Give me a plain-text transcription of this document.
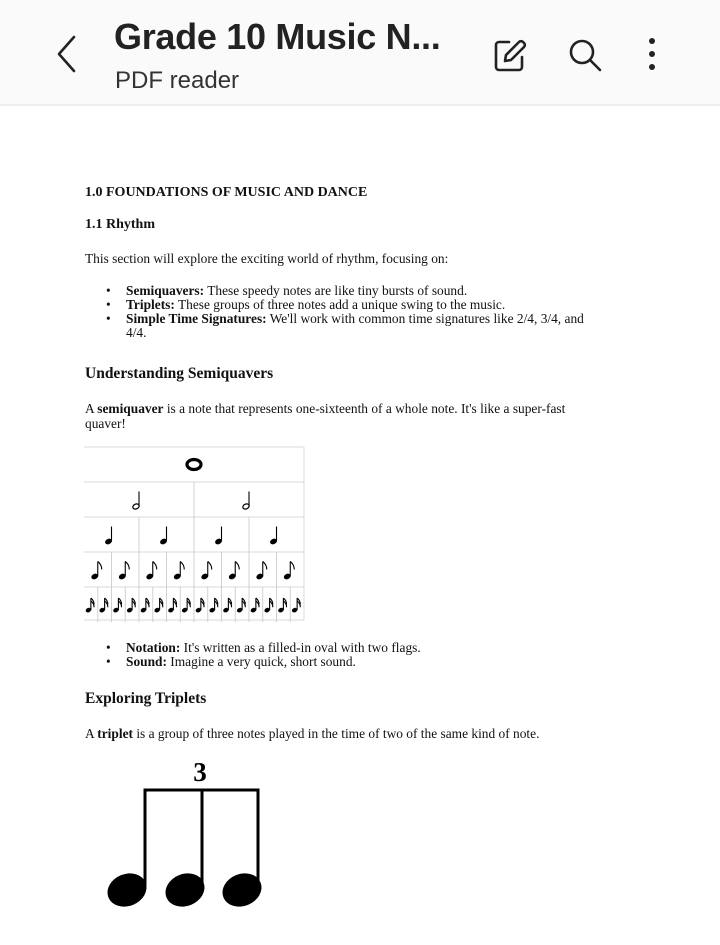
Grade 10 Music N...
PDF reader
1.0 FOUNDATIONS OF MUSIC AND DANCE
1.1 Rhythm
This section will explore the exciting world of rhythm, focusing on:
• Semiquavers: These speedy notes are like tiny bursts of sound.
• Triplets: These groups of three notes add a unique swing to the music.
• Simple Time Signatures: We'll work with common time signatures like 2/4, 3/4, and
4/4.
Understanding Semiquavers
A semiquaver is a note that represents one-sixteenth of a whole note. It's like a super-fast
quaver!
• Notation: It's written as a filled-in oval with two flags.
• Sound: Imagine a very quick, short sound.
Exploring Triplets
A triplet is a group of three notes played in the time of two of the same kind of note.
3
